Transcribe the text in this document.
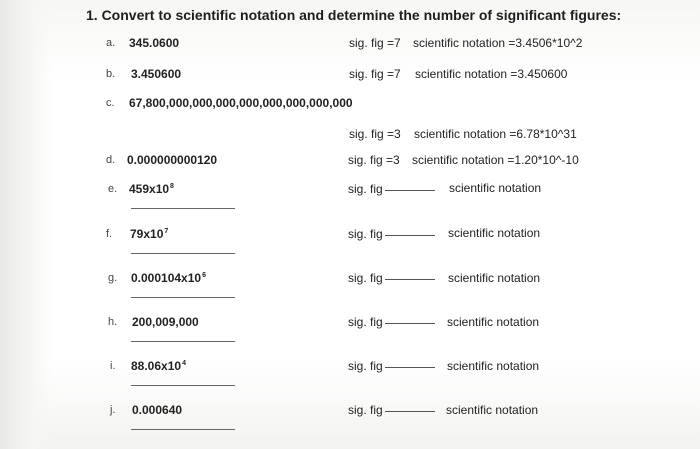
1. Convert to scientific notation and determine the number of significant figures:
a. 345.0600	sig. fig =7 scientific notation =3.4506*10^2
b. 3.450600	sig. fig =7 scientific notation =3.450600
c. 67,800,000,000,000,000,000,000,000,000
sig. fig =3 scientific notation =6.78*10^31
d. 0.000000000120	sig. fig =3 scientific notation =1.20*10^-10
e. $459x10^8$	sig. fig	scientific notation
f. $79x10^7$	sig. fig	scientific notation
g. $0.000104x10^6$	sig. fig	scientific notation
h. 200,009,000	sig. fig	scientific notation
i. $88.06x10^4$	sig. fig	scientific notation
j. 0.000640	sig. fig	scientific notation
